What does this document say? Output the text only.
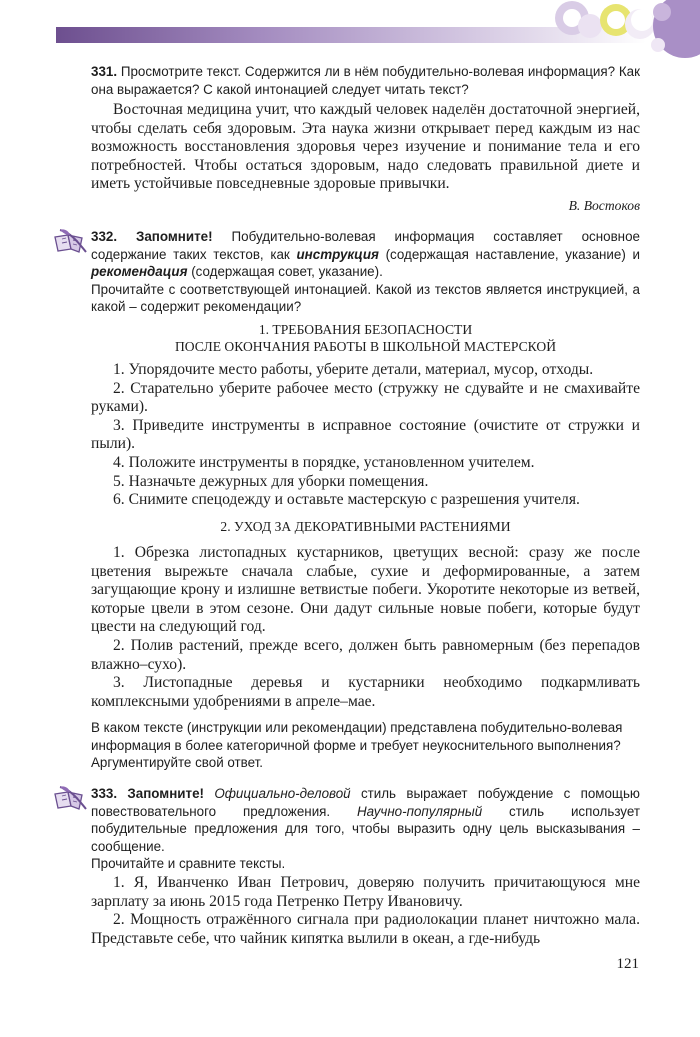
331. Просмотрите текст. Содержится ли в нём побудительно-волевая информация? Как она выражается? С какой интонацией следует читать текст?
Восточная медицина учит, что каждый человек наделён достаточной энергией, чтобы сделать себя здоровым. Эта наука жизни открывает перед каждым из нас возможность восстановления здоровья через изучение и понимание тела и его потребностей. Чтобы остаться здоровым, надо следовать правильной диете и иметь устойчивые повседневные здоровые привычки.
В. Востоков

332. Запомните! Побудительно-волевая информация составляет основное содержание таких текстов, как инструкция (содержащая наставление, указание) и рекомендация (содержащая совет, указание).

Прочитайте с соответствующей интонацией. Какой из текстов является инструкцией, а какой – содержит рекомендации?

1. ТРЕБОВАНИЯ БЕЗОПАСНОСТИ
ПОСЛЕ ОКОНЧАНИЯ РАБОТЫ В ШКОЛЬНОЙ МАСТЕРСКОЙ

1. Упорядочите место работы, уберите детали, материал, мусор, отходы.

2. Старательно уберите рабочее место (стружку не сдувайте и не смахивайте руками).

3. Приведите инструменты в исправное состояние (очистите от стружки и пыли).

4. Положите инструменты в порядке, установленном учителем.

5. Назначьте дежурных для уборки помещения.

6. Снимите спецодежду и оставьте мастерскую с разрешения учителя.

2. УХОД ЗА ДЕКОРАТИВНЫМИ РАСТЕНИЯМИ

1. Обрезка листопадных кустарников, цветущих весной: сразу же после цветения вырежьте сначала слабые, сухие и деформированные, а затем загущающие крону и излишне ветвистые побеги. Укоротите некоторые из ветвей, которые цвели в этом сезоне. Они дадут сильные новые побеги, которые будут цвести на следующий год.

2. Полив растений, прежде всего, должен быть равномерным (без перепадов влажно–сухо).

3. Листопадные деревья и кустарники необходимо подкармливать комплексными удобрениями в апреле–мае.

В каком тексте (инструкции или рекомендации) представлена побудительно-волевая информация в более категоричной форме и требует неукоснительного выполнения? Аргументируйте свой ответ.

333. Запомните! Официально-деловой стиль выражает побуждение с помощью повествовательного предложения. Научно-популярный стиль использует побудительные предложения для того, чтобы выразить одну цель высказывания – сообщение.

Прочитайте и сравните тексты.

1. Я, Иванченко Иван Петрович, доверяю получить причитающуюся мне зарплату за июнь 2015 года Петренко Петру Ивановичу.

2. Мощность отражённого сигнала при радиолокации планет ничтожно мала. Представьте себе, что чайник кипятка вылили в океан, а где-нибудь

121
